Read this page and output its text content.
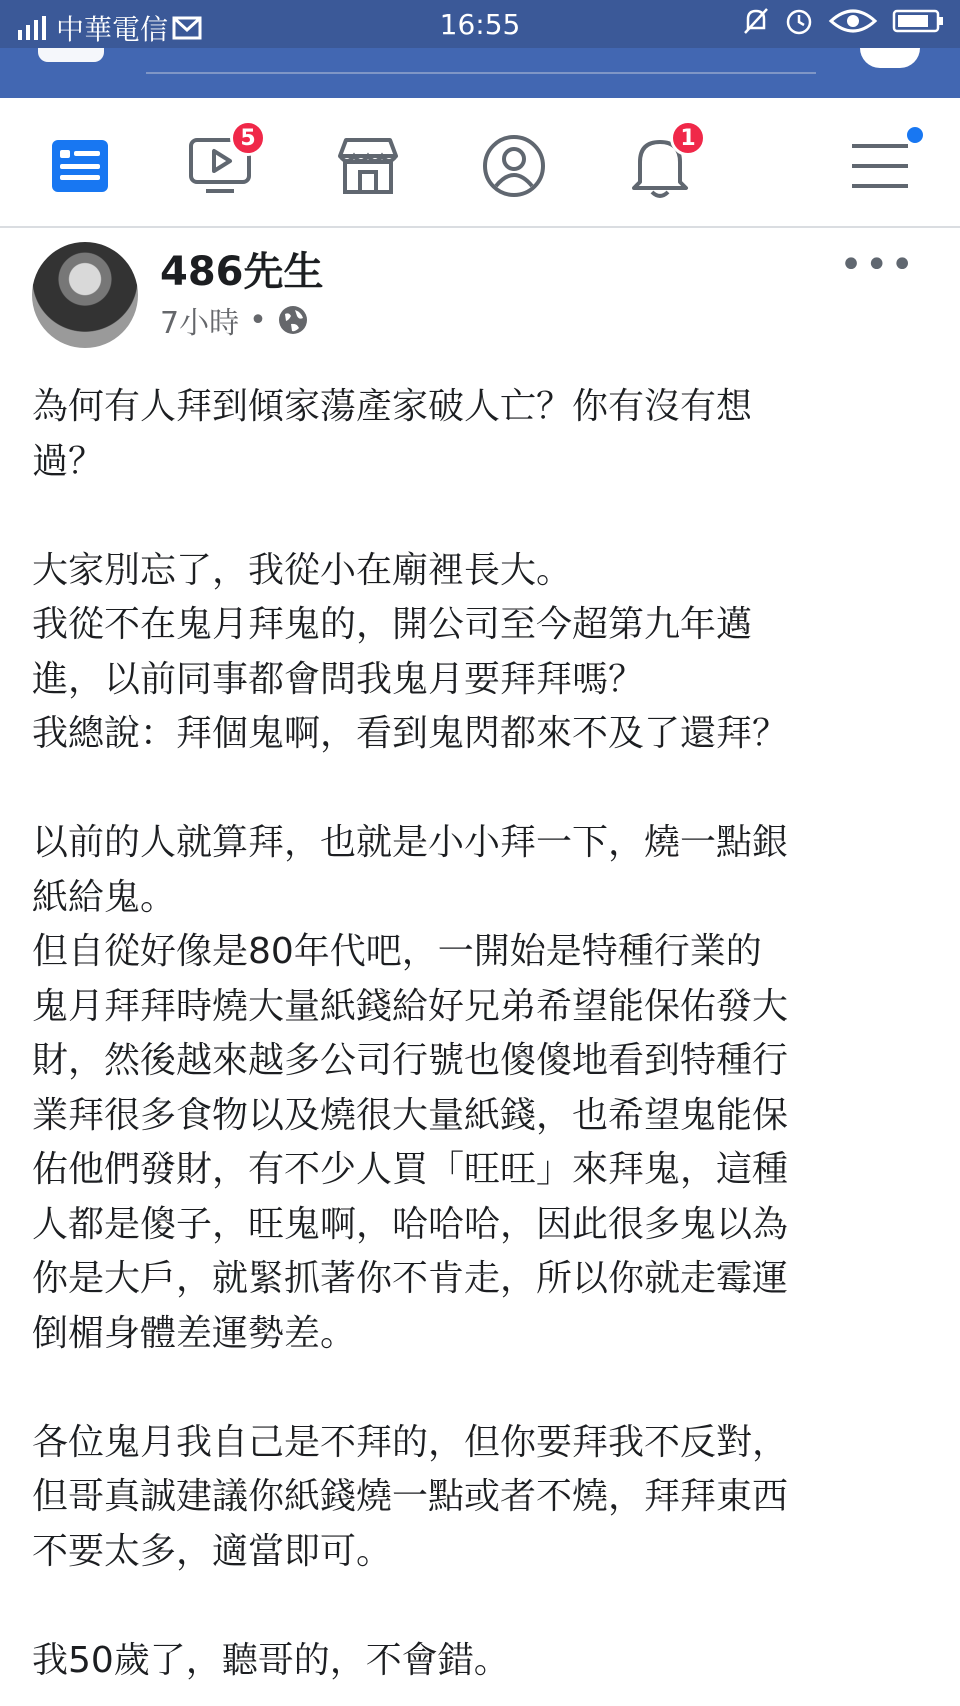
中華電信	16:55
5	1
486先生
7小時 •
•••
為何有人拜到傾家蕩產家破人亡？你有沒有想
過？

大家別忘了，我從小在廟裡長大。
我從不在鬼月拜鬼的，開公司至今超第九年邁
進，以前同事都會問我鬼月要拜拜嗎？
我總說：拜個鬼啊，看到鬼閃都來不及了還拜？

以前的人就算拜，也就是小小拜一下，燒一點銀
紙給鬼。
但自從好像是80年代吧，一開始是特種行業的
鬼月拜拜時燒大量紙錢給好兄弟希望能保佑發大
財，然後越來越多公司行號也傻傻地看到特種行
業拜很多食物以及燒很大量紙錢，也希望鬼能保
佑他們發財，有不少人買「旺旺」來拜鬼，這種
人都是傻子，旺鬼啊，哈哈哈，因此很多鬼以為
你是大戶，就緊抓著你不肯走，所以你就走霉運
倒楣身體差運勢差。

各位鬼月我自己是不拜的，但你要拜我不反對，
但哥真誠建議你紙錢燒一點或者不燒，拜拜東西
不要太多，適當即可。

我50歲了，聽哥的，不會錯。
